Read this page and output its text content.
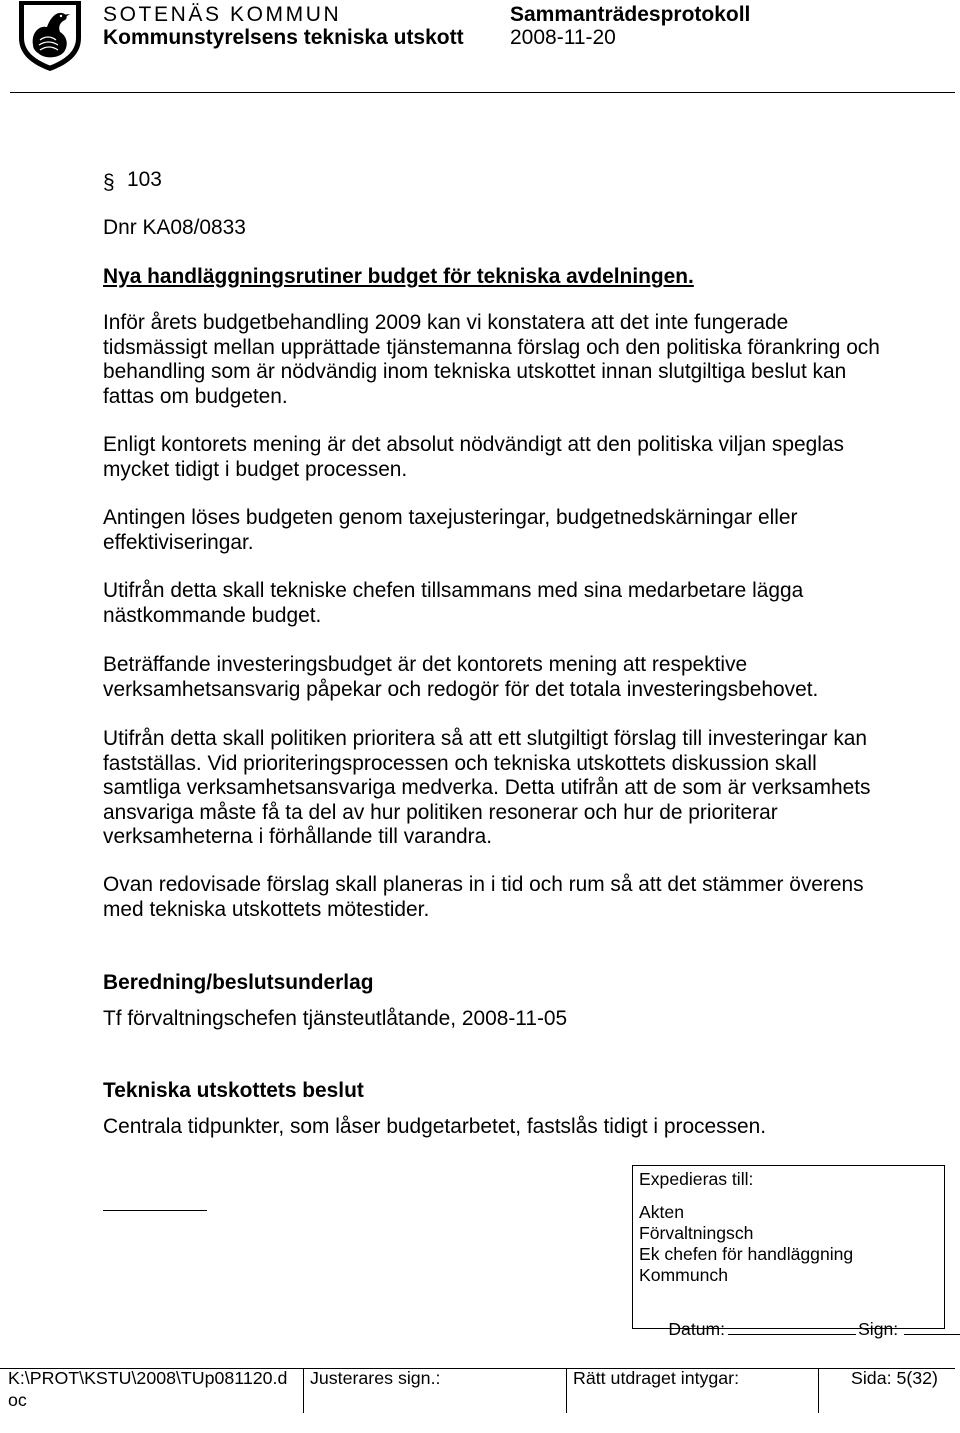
SOTENÄS KOMMUN
Kommunstyrelsens tekniska utskott
Sammanträdesprotokoll
2008-11-20
§ 103
Dnr KA08/0833
Nya handläggningsrutiner budget för tekniska avdelningen.
Inför årets budgetbehandling 2009 kan vi konstatera att det inte fungerade
tidsmässigt mellan upprättade tjänstemanna förslag och den politiska förankring och
behandling som är nödvändig inom tekniska utskottet innan slutgiltiga beslut kan
fattas om budgeten.
Enligt kontorets mening är det absolut nödvändigt att den politiska viljan speglas
mycket tidigt i budget processen.
Antingen löses budgeten genom taxejusteringar, budgetnedskärningar eller
effektiviseringar.
Utifrån detta skall tekniske chefen tillsammans med sina medarbetare lägga
nästkommande budget.
Beträffande investeringsbudget är det kontorets mening att respektive
verksamhetsansvarig påpekar och redogör för det totala investeringsbehovet.
Utifrån detta skall politiken prioritera så att ett slutgiltigt förslag till investeringar kan
fastställas. Vid prioriteringsprocessen och tekniska utskottets diskussion skall
samtliga verksamhetsansvariga medverka. Detta utifrån att de som är verksamhets
ansvariga måste få ta del av hur politiken resonerar och hur de prioriterar
verksamheterna i förhållande till varandra.
Ovan redovisade förslag skall planeras in i tid och rum så att det stämmer överens
med tekniska utskottets mötestider.
Beredning/beslutsunderlag
Tf förvaltningschefen tjänsteutlåtande, 2008-11-05
Tekniska utskottets beslut
Centrala tidpunkter, som låser budgetarbetet, fastslås tidigt i processen.
Expedieras till:
Akten
Förvaltningsch
Ek chefen för handläggning
Kommunch

Datum:	Sign:

K:\PROT\KSTU\2008\TUp081120.d
oc
Justerares sign.:	Rätt utdraget intygar:	Sida: 5(32)
